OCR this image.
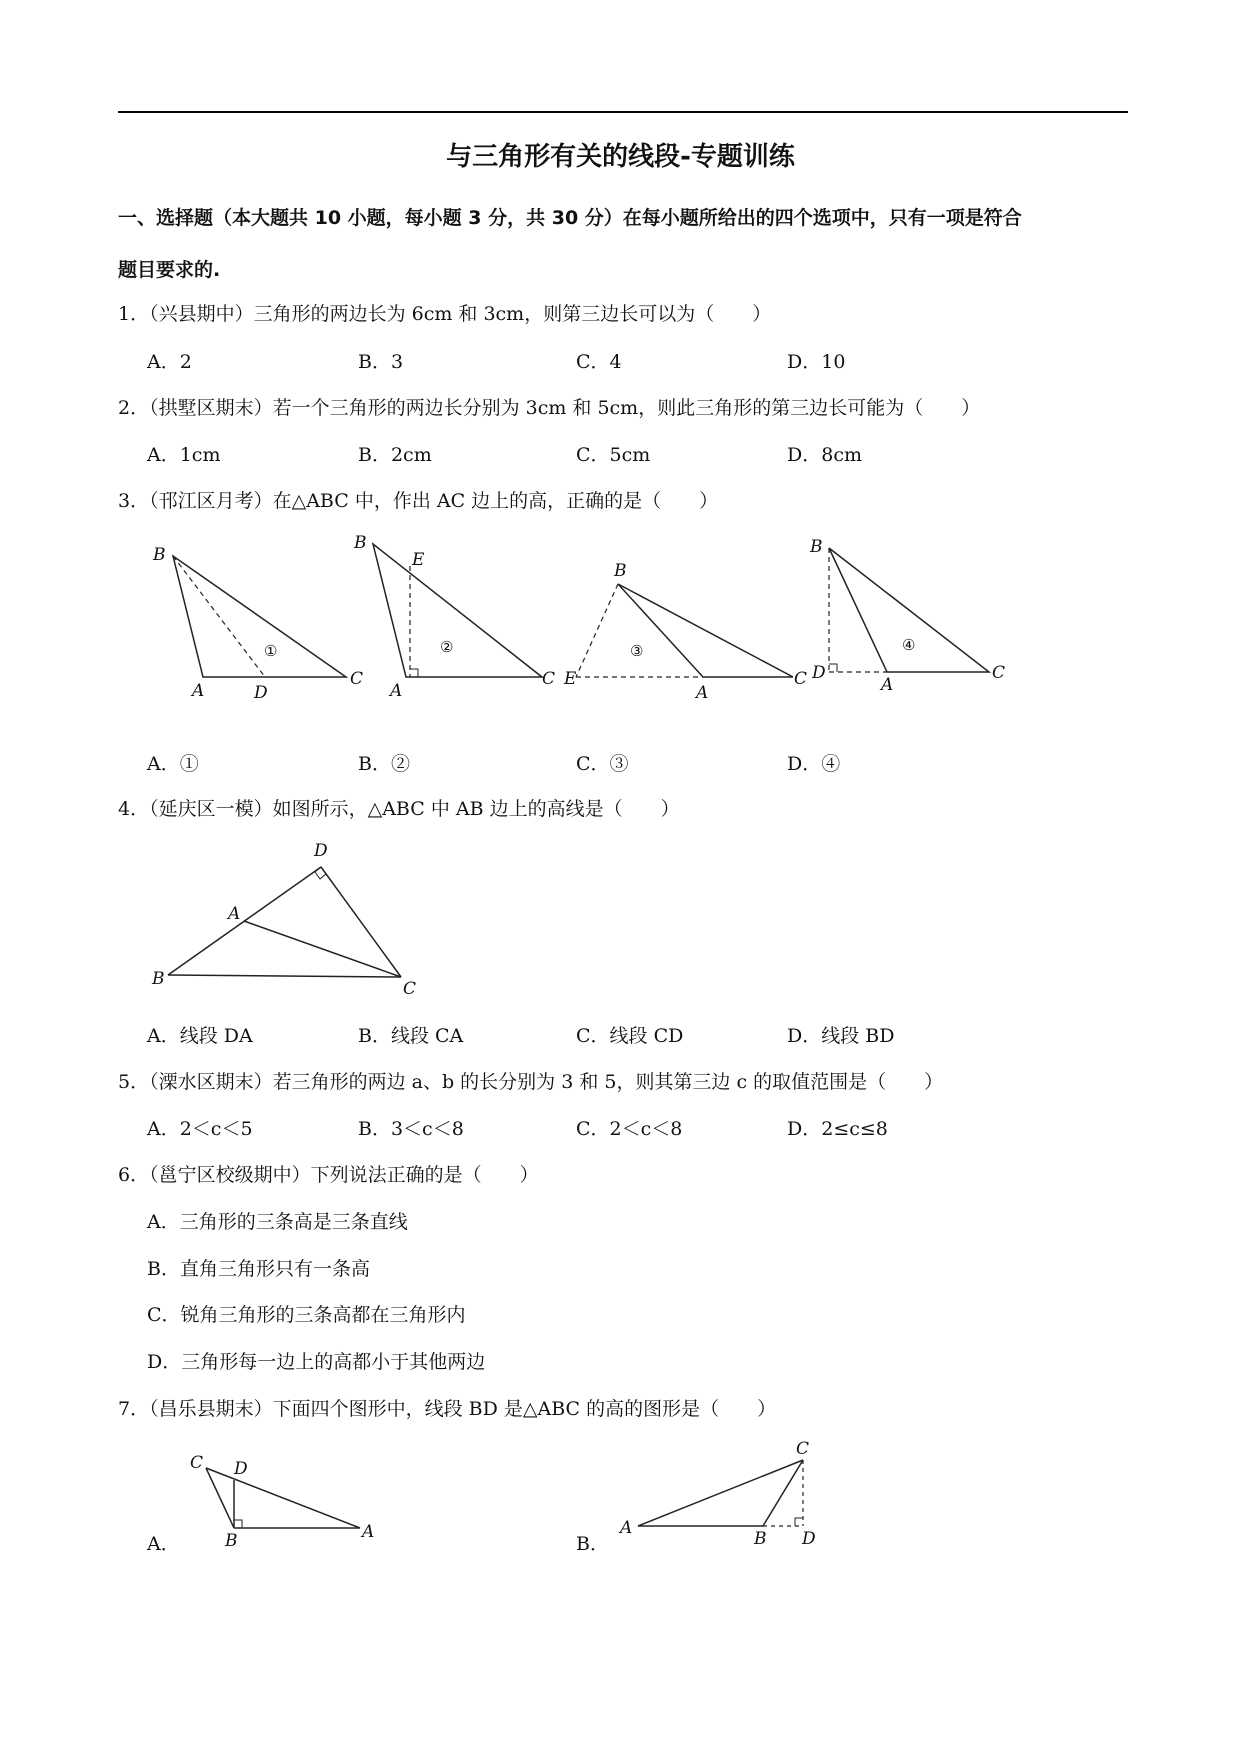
与三角形有关的线段-专题训练
一、选择题（本大题共 10 小题，每小题 3 分，共 30 分）在每小题所给出的四个选项中，只有一项是符合
题目要求的.
1．（兴县期中）三角形的两边长为 6cm 和 3cm，则第三边长可以为（　　）
A．2	B．3	C．4	D．10
2．（拱墅区期末）若一个三角形的两边长分别为 3cm 和 5cm，则此三角形的第三边长可能为（　　）
A．1cm	B．2cm	C．5cm	D．8cm
3．（邗江区月考）在△ABC 中，作出 AC 边上的高，正确的是（　　）
B
A	D
C
①
B
E
A
C
②
B
E
A
C
③
B
D
A
C
④
A．①	B．②	C．③	D．④
4．（延庆区一模）如图所示，△ABC 中 AB 边上的高线是（　　）
D
A
B	C
A．线段 DA	B．线段 CA	C．线段 CD	D．线段 BD
5．（溧水区期末）若三角形的两边 a、b 的长分别为 3 和 5，则其第三边 c 的取值范围是（　　）
A．2＜c＜5	B．3＜c＜8	C．2＜c＜8	D．2≤c≤8
6．（邕宁区校级期中）下列说法正确的是（　　）
A．三角形的三条高是三条直线
B．直角三角形只有一条高
C．锐角三角形的三条高都在三角形内
D．三角形每一边上的高都小于其他两边
7．（昌乐县期末）下面四个图形中，线段 BD 是△ABC 的高的图形是（　　）
A．
C D
B	A
B．
C
A
B D
